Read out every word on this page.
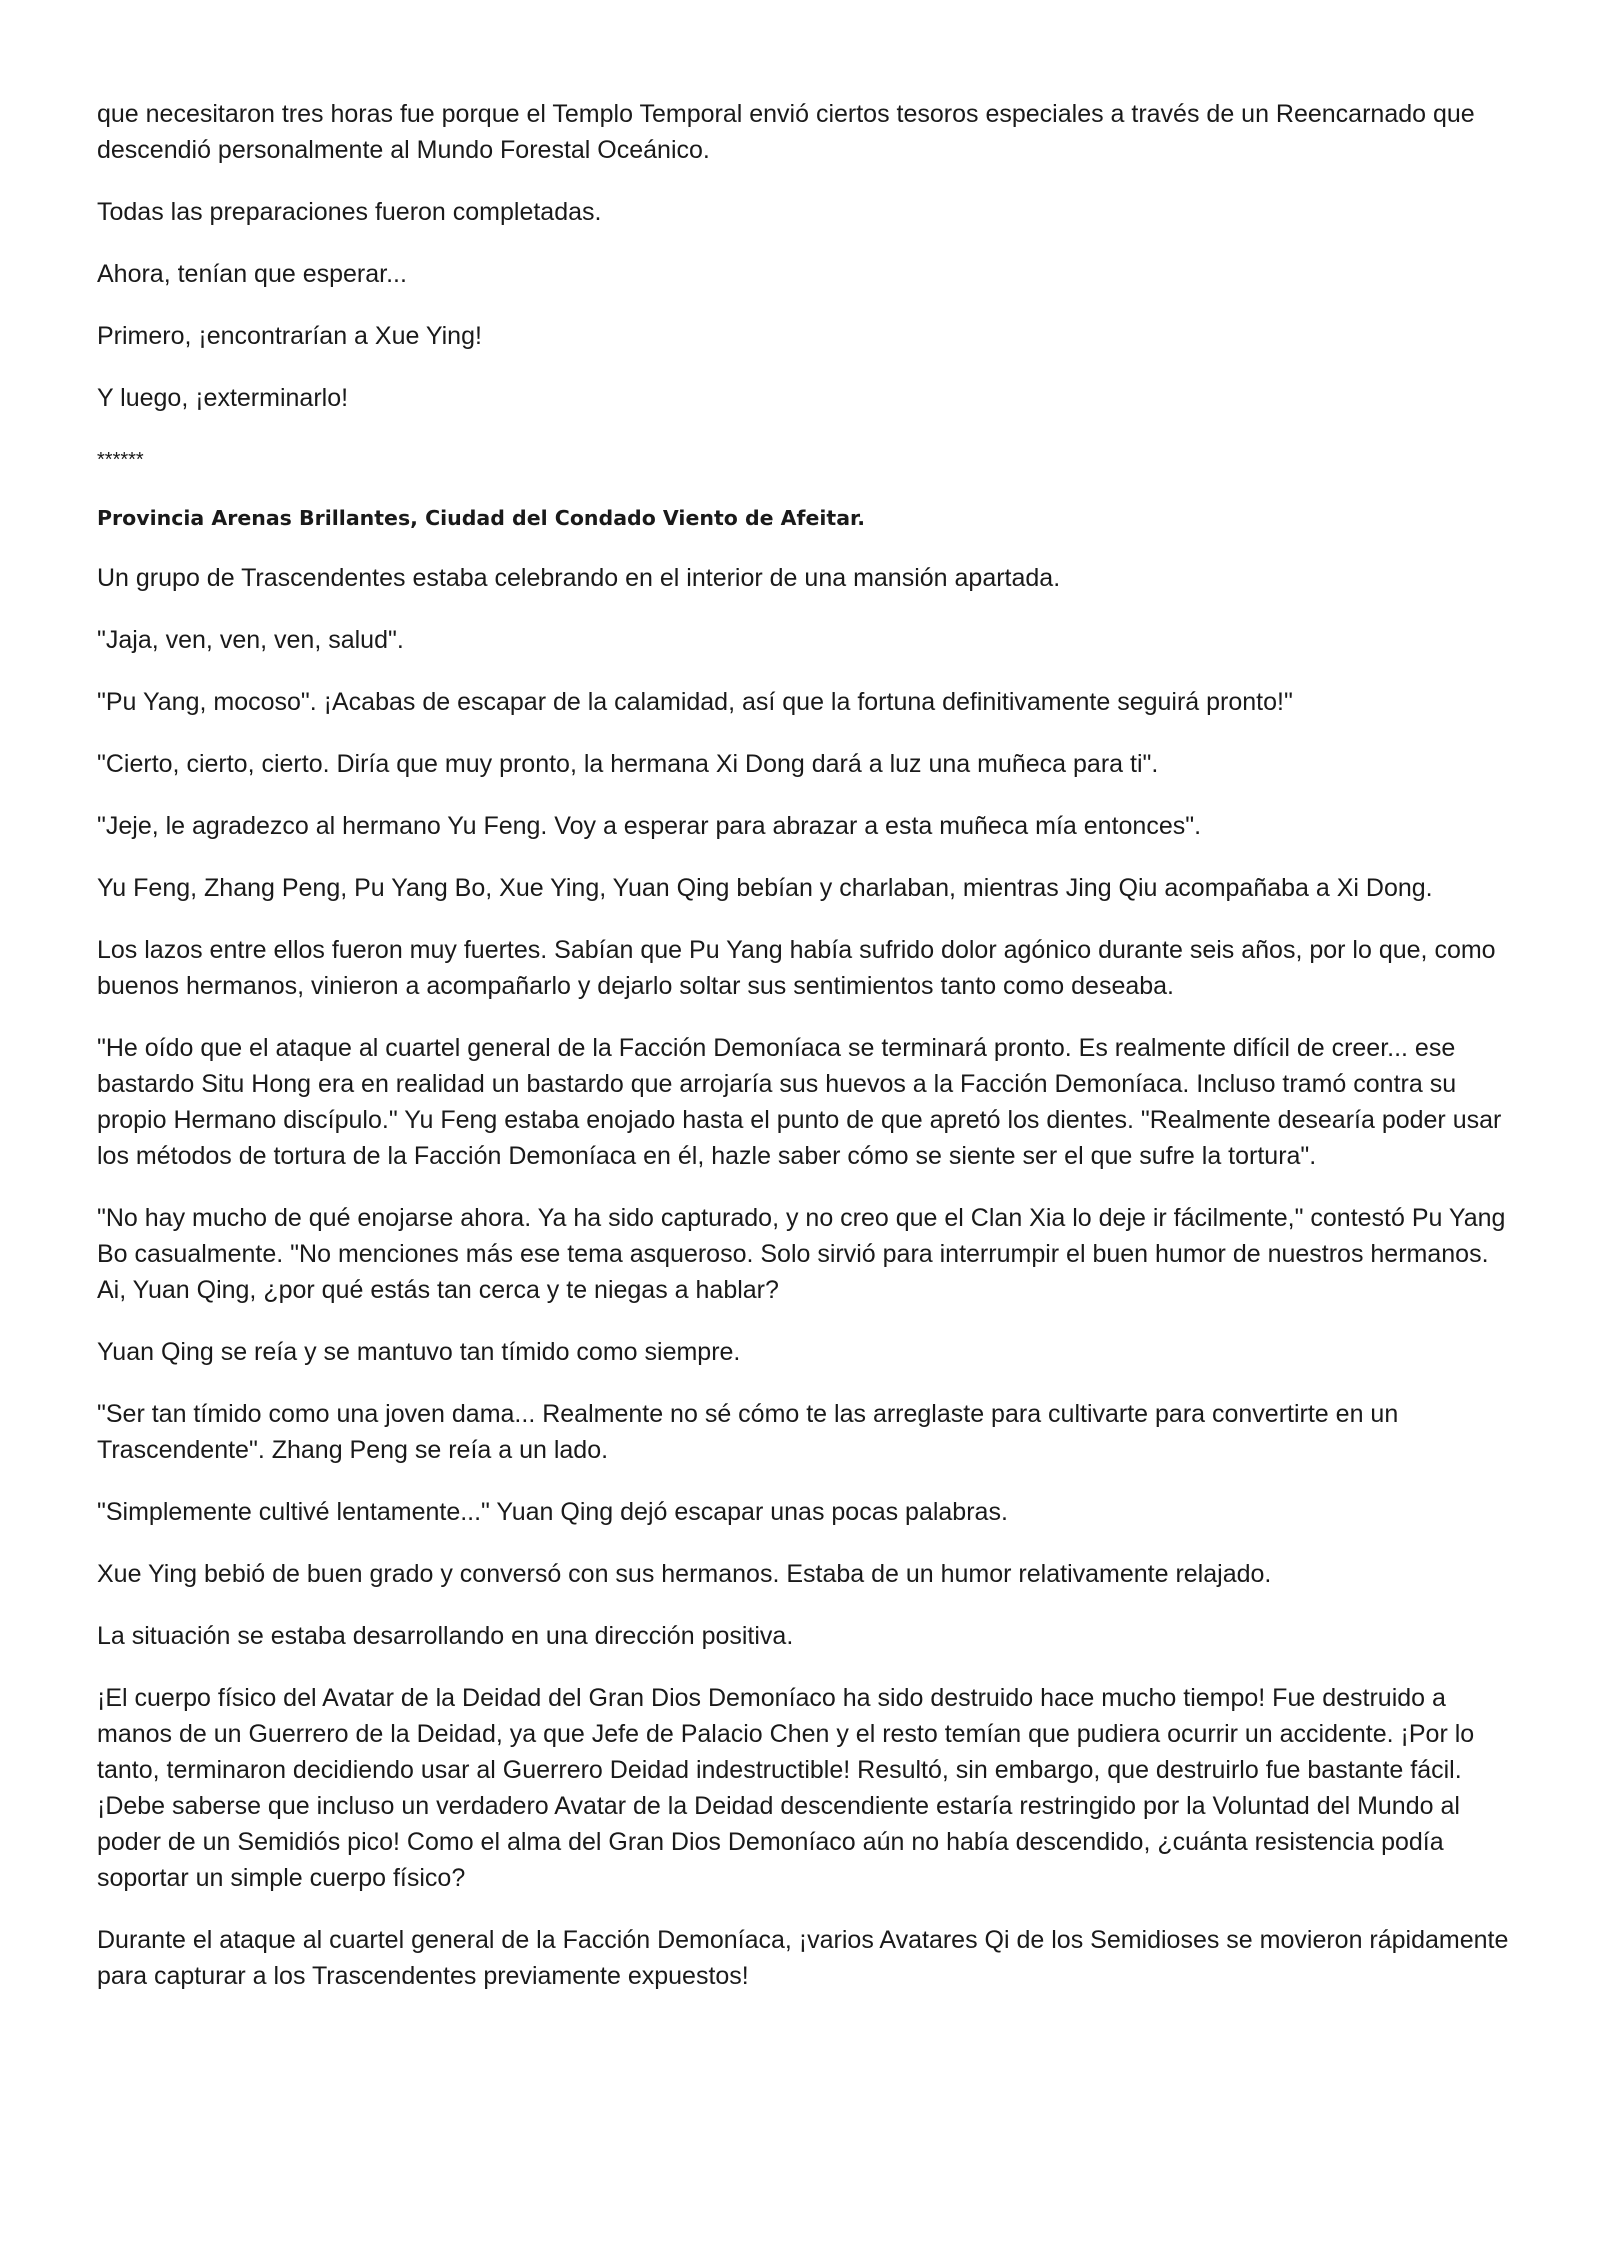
que necesitaron tres horas fue porque el Templo Temporal envió ciertos tesoros especiales a través de un Reencarnado que descendió personalmente al Mundo Forestal Oceánico.

Todas las preparaciones fueron completadas.

Ahora, tenían que esperar...

Primero, ¡encontrarían a Xue Ying!

Y luego, ¡exterminarlo!

******

Provincia Arenas Brillantes, Ciudad del Condado Viento de Afeitar.

Un grupo de Trascendentes estaba celebrando en el interior de una mansión apartada.

"Jaja, ven, ven, ven, salud".

"Pu Yang, mocoso". ¡Acabas de escapar de la calamidad, así que la fortuna definitivamente seguirá pronto!"

"Cierto, cierto, cierto. Diría que muy pronto, la hermana Xi Dong dará a luz una muñeca para ti".

"Jeje, le agradezco al hermano Yu Feng. Voy a esperar para abrazar a esta muñeca mía entonces".

Yu Feng, Zhang Peng, Pu Yang Bo, Xue Ying, Yuan Qing bebían y charlaban, mientras Jing Qiu acompañaba a Xi Dong.

Los lazos entre ellos fueron muy fuertes. Sabían que Pu Yang había sufrido dolor agónico durante seis años, por lo que, como buenos hermanos, vinieron a acompañarlo y dejarlo soltar sus sentimientos tanto como deseaba.

"He oído que el ataque al cuartel general de la Facción Demoníaca se terminará pronto. Es realmente difícil de creer... ese bastardo Situ Hong era en realidad un bastardo que arrojaría sus huevos a la Facción Demoníaca. Incluso tramó contra su propio Hermano discípulo." Yu Feng estaba enojado hasta el punto de que apretó los dientes. "Realmente desearía poder usar los métodos de tortura de la Facción Demoníaca en él, hazle saber cómo se siente ser el que sufre la tortura".

"No hay mucho de qué enojarse ahora. Ya ha sido capturado, y no creo que el Clan Xia lo deje ir fácilmente," contestó Pu Yang Bo casualmente. "No menciones más ese tema asqueroso. Solo sirvió para interrumpir el buen humor de nuestros hermanos. Ai, Yuan Qing, ¿por qué estás tan cerca y te niegas a hablar?

Yuan Qing se reía y se mantuvo tan tímido como siempre.

"Ser tan tímido como una joven dama... Realmente no sé cómo te las arreglaste para cultivarte para convertirte en un Trascendente". Zhang Peng se reía a un lado.

"Simplemente cultivé lentamente..." Yuan Qing dejó escapar unas pocas palabras.

Xue Ying bebió de buen grado y conversó con sus hermanos. Estaba de un humor relativamente relajado.

La situación se estaba desarrollando en una dirección positiva.

¡El cuerpo físico del Avatar de la Deidad del Gran Dios Demoníaco ha sido destruido hace mucho tiempo! Fue destruido a manos de un Guerrero de la Deidad, ya que Jefe de Palacio Chen y el resto temían que pudiera ocurrir un accidente. ¡Por lo tanto, terminaron decidiendo usar al Guerrero Deidad indestructible! Resultó, sin embargo, que destruirlo fue bastante fácil. ¡Debe saberse que incluso un verdadero Avatar de la Deidad descendiente estaría restringido por la Voluntad del Mundo al poder de un Semidiós pico! Como el alma del Gran Dios Demoníaco aún no había descendido, ¿cuánta resistencia podía soportar un simple cuerpo físico?

Durante el ataque al cuartel general de la Facción Demoníaca, ¡varios Avatares Qi de los Semidioses se movieron rápidamente para capturar a los Trascendentes previamente expuestos!
